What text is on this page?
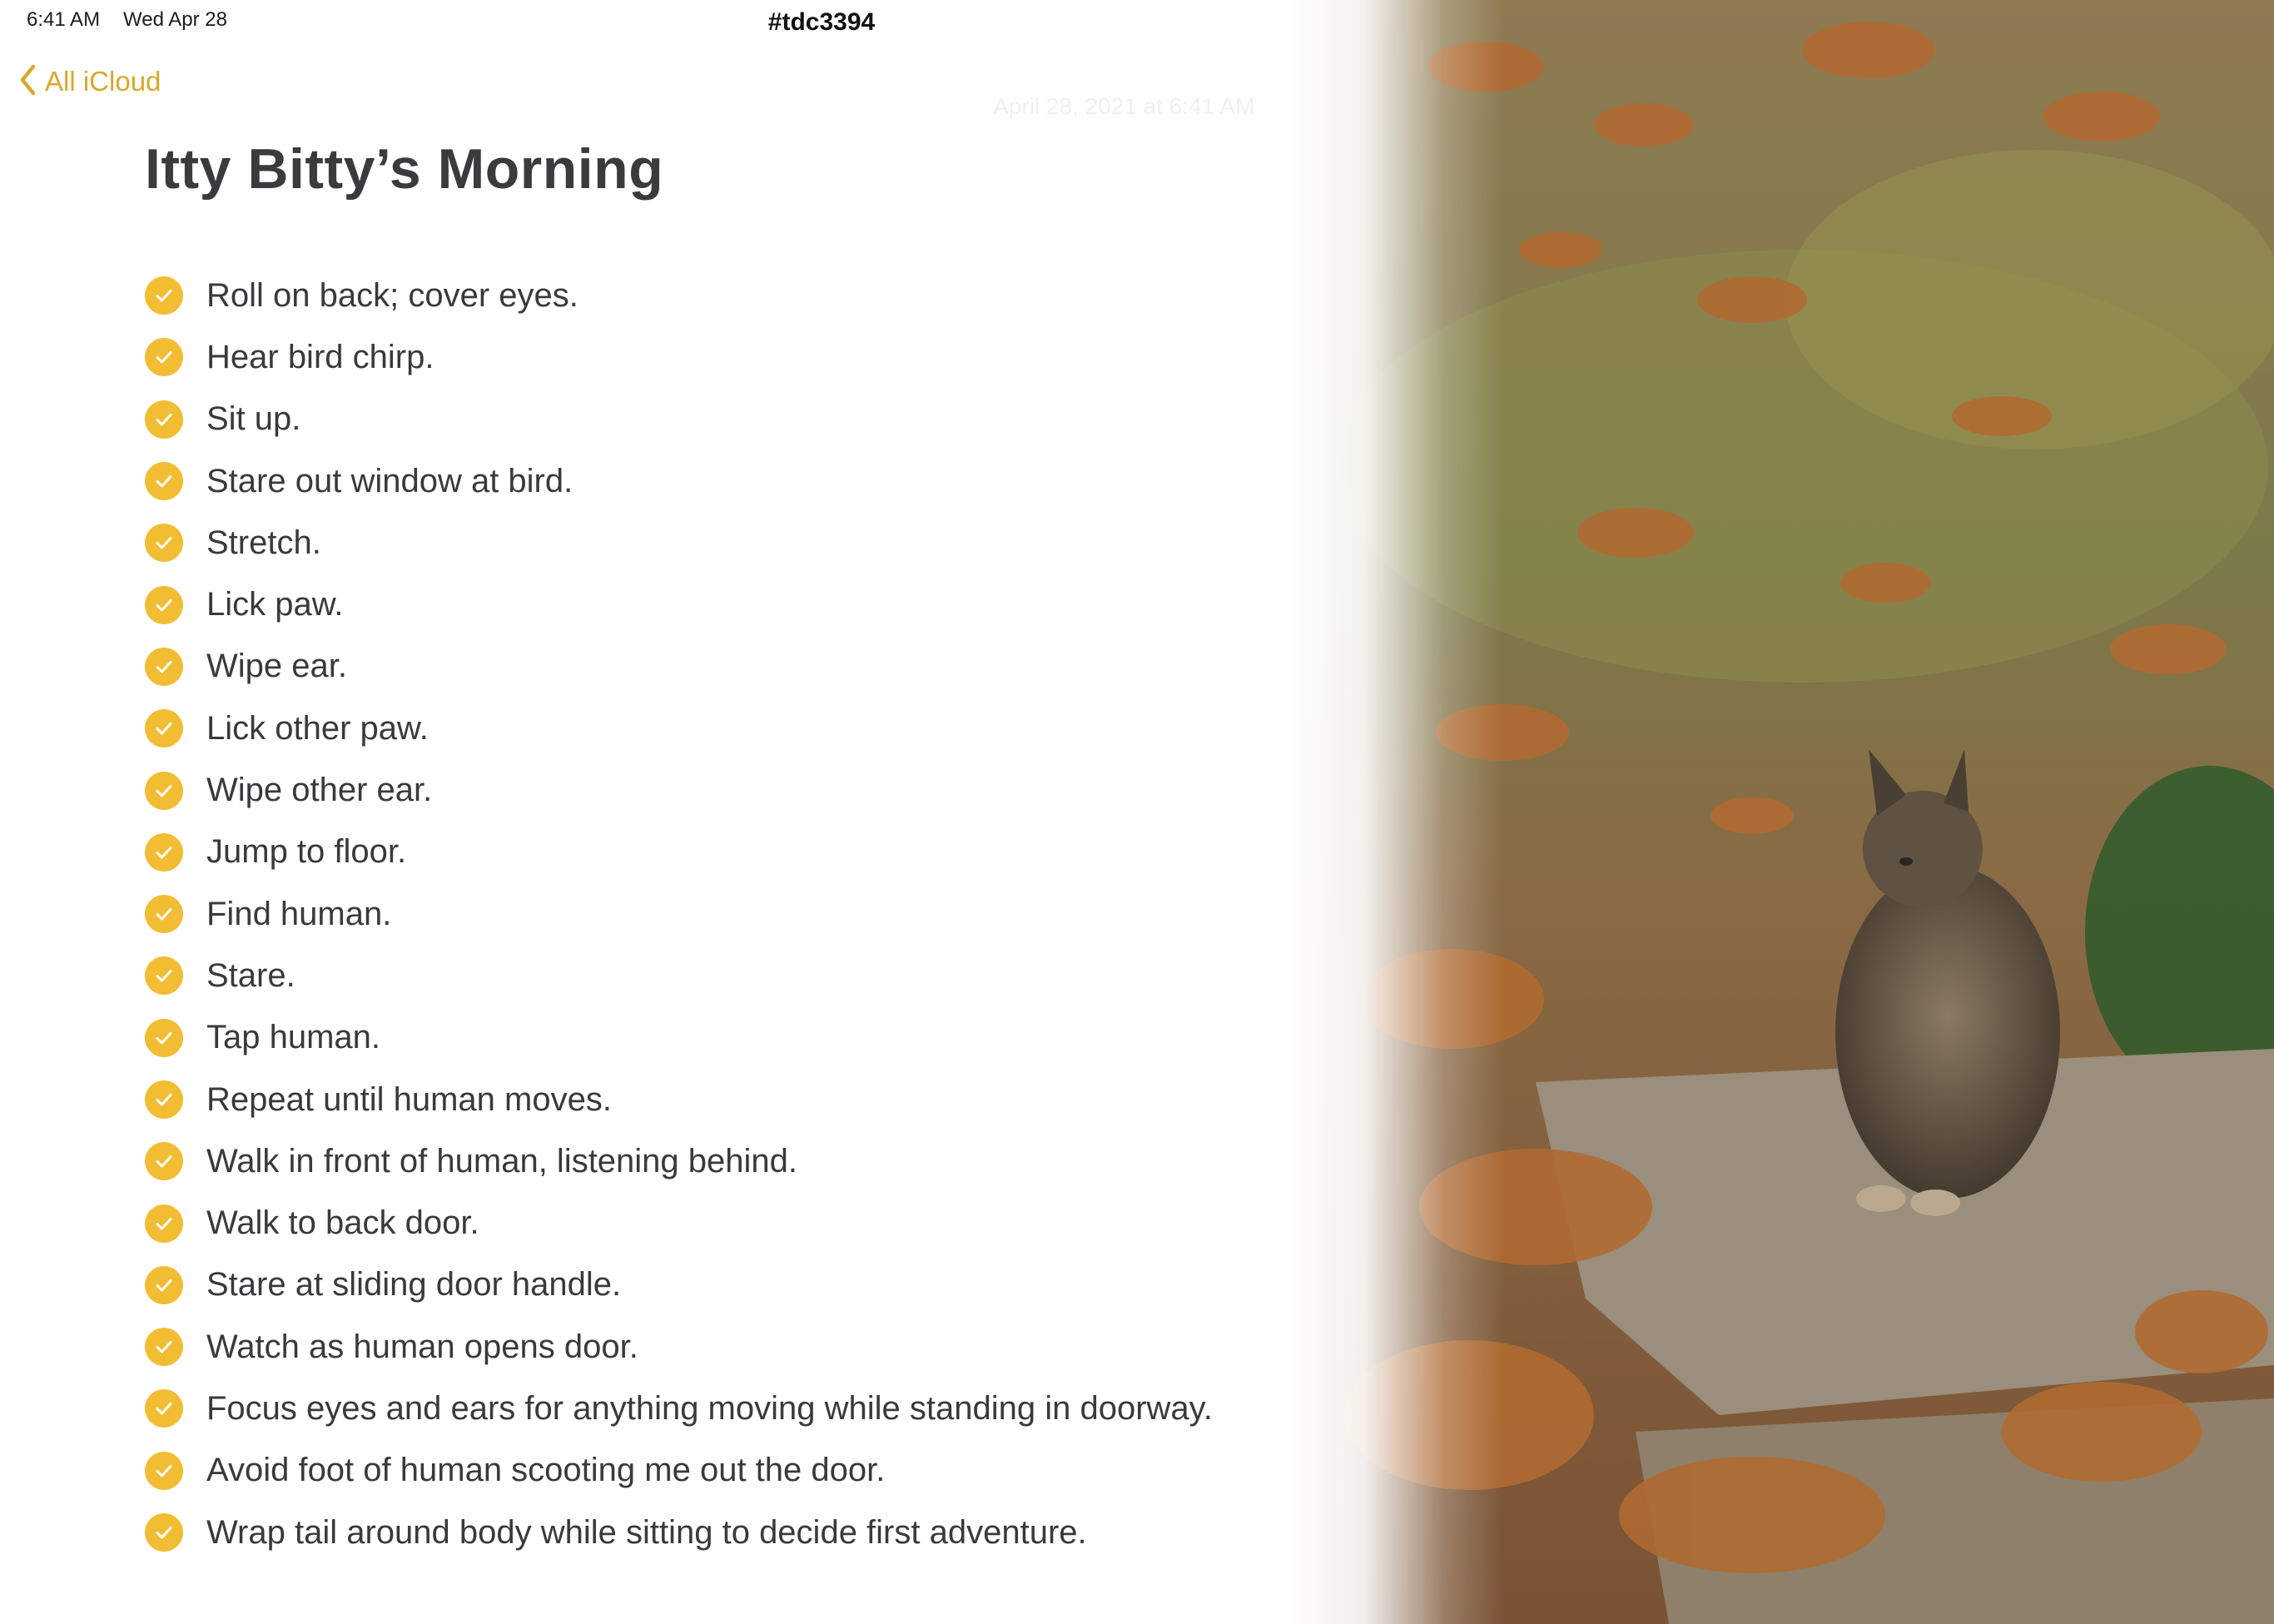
6:41 AM Wed Apr 28	#tdc3394
All iCloud
April 28, 2021 at 6:41 AM
Itty Bitty’s Morning
Roll on back; cover eyes.
Hear bird chirp.
Sit up.
Stare out window at bird.
Stretch.
Lick paw.
Wipe ear.
Lick other paw.
Wipe other ear.
Jump to floor.
Find human.
Stare.
Tap human.
Repeat until human moves.
Walk in front of human, listening behind.
Walk to back door.
Stare at sliding door handle.
Watch as human opens door.
Focus eyes and ears for anything moving while standing in doorway.
Avoid foot of human scooting me out the door.
Wrap tail around body while sitting to decide first adventure.
